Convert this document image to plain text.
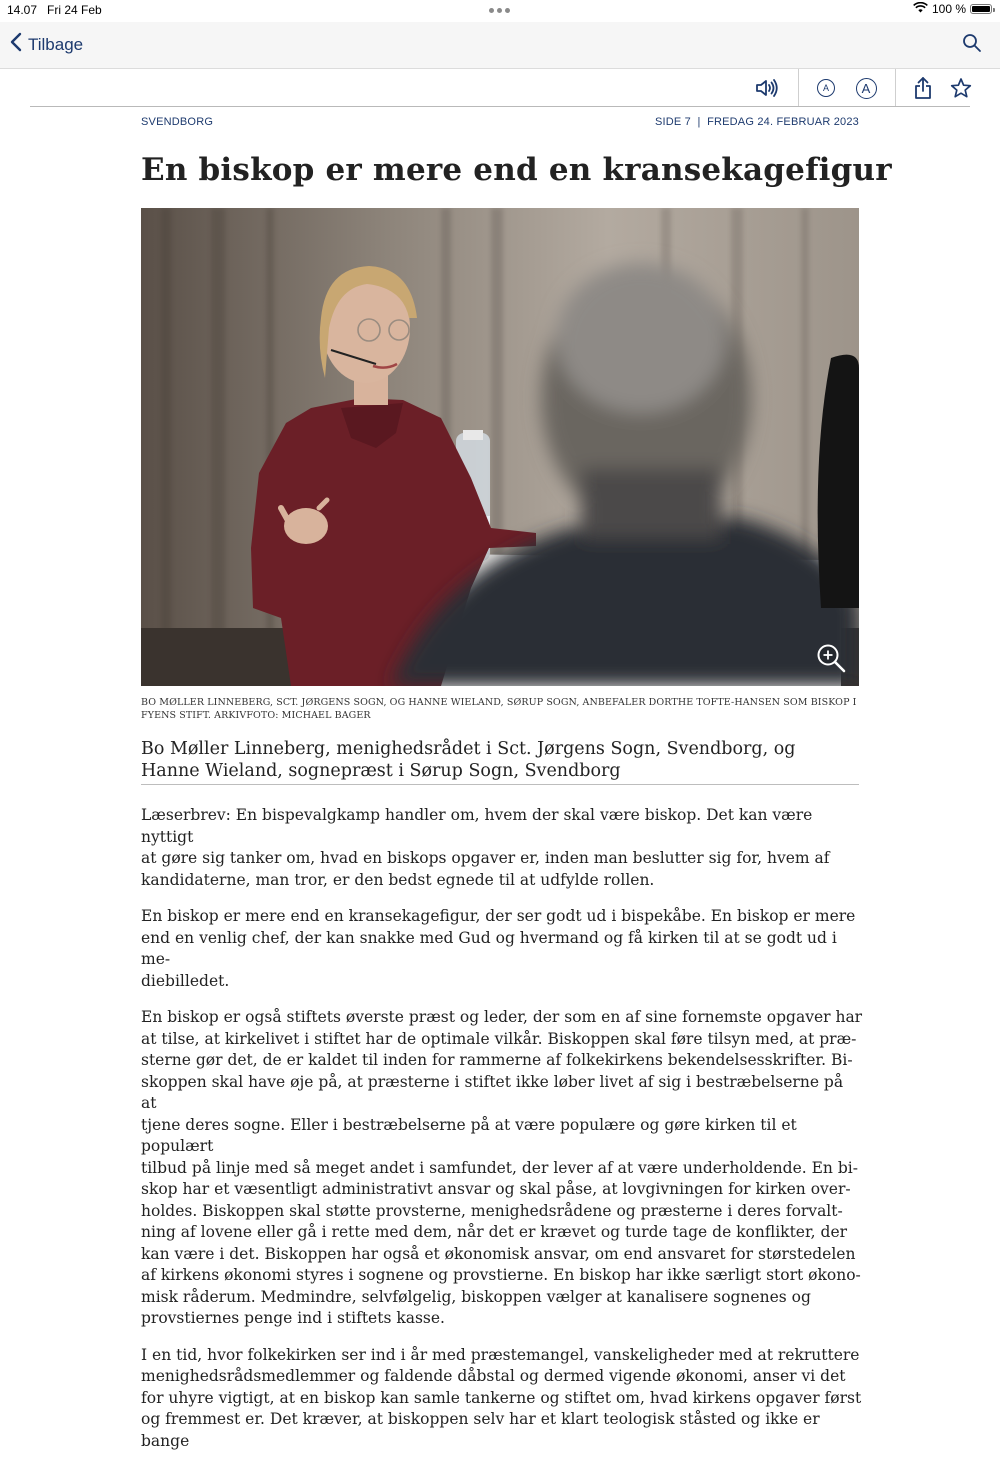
14.07 Fri 24 Feb	100 %
Tilbage
A	A
SVENDBORG	SIDE 7  |  FREDAG 24. FEBRUAR 2023
En biskop er mere end en kransekagefigur

BO MØLLER LINNEBERG, SCT. JØRGENS SOGN, OG HANNE WIELAND, SØRUP SOGN, ANBEFALER DORTHE TOFTE-HANSEN SOM BISKOP I FYENS STIFT. ARKIVFOTO: MICHAEL BAGER

Bo Møller Linneberg, menighedsrådet i Sct. Jørgens Sogn, Svendborg, og Hanne Wieland, sognepræst i Sørup Sogn, Svendborg

Læserbrev: En bispevalgkamp handler om, hvem der skal være biskop. Det kan være nyttigt
at gøre sig tanker om, hvad en biskops opgaver er, inden man beslutter sig for, hvem af
kandidaterne, man tror, er den bedst egnede til at udfylde rollen.

En biskop er mere end en kransekagefigur, der ser godt ud i bispekåbe. En biskop er mere
end en venlig chef, der kan snakke med Gud og hvermand og få kirken til at se godt ud i me-
diebilledet.

En biskop er også stiftets øverste præst og leder, der som en af sine fornemste opgaver har
at tilse, at kirkelivet i stiftet har de optimale vilkår. Biskoppen skal føre tilsyn med, at præ-
sterne gør det, de er kaldet til inden for rammerne af folkekirkens bekendelsesskrifter. Bi-
skoppen skal have øje på, at præsterne i stiftet ikke løber livet af sig i bestræbelserne på at
tjene deres sogne. Eller i bestræbelserne på at være populære og gøre kirken til et populært
tilbud på linje med så meget andet i samfundet, der lever af at være underholdende. En bi-
skop har et væsentligt administrativt ansvar og skal påse, at lovgivningen for kirken over-
holdes. Biskoppen skal støtte provsterne, menighedsrådene og præsterne i deres forvalt-
ning af lovene eller gå i rette med dem, når det er krævet og turde tage de konflikter, der
kan være i det. Biskoppen har også et økonomisk ansvar, om end ansvaret for størstedelen
af kirkens økonomi styres i sognene og provstierne. En biskop har ikke særligt stort økono-
misk råderum. Medmindre, selvfølgelig, biskoppen vælger at kanalisere sognenes og
provstiernes penge ind i stiftets kasse.

I en tid, hvor folkekirken ser ind i år med præstemangel, vanskeligheder med at rekruttere
menighedsrådsmedlemmer og faldende dåbstal og dermed vigende økonomi, anser vi det
for uhyre vigtigt, at en biskop kan samle tankerne og stiftet om, hvad kirkens opgaver først
og fremmest er. Det kræver, at biskoppen selv har et klart teologisk ståsted og ikke er bange
